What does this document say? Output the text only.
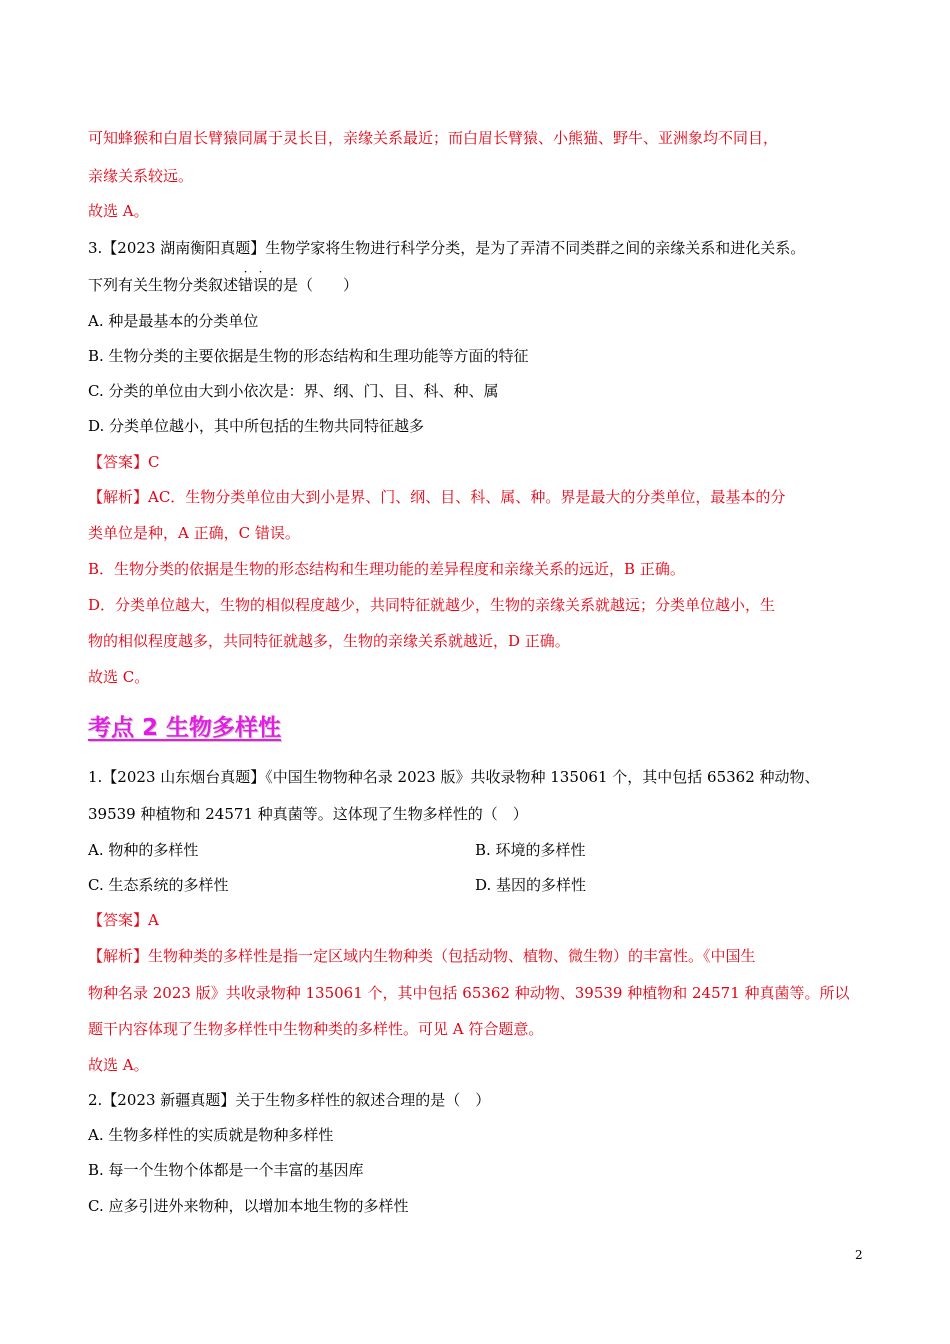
可知蜂猴和白眉长臂猿同属于灵长目，亲缘关系最近；而白眉长臂猿、小熊猫、野牛、亚洲象均不同目，
亲缘关系较远。
故选 A。
3.【2023 湖南衡阳真题】生物学家将生物进行科学分类，是为了弄清不同类群之间的亲缘关系和进化关系。
下列有关生物分类叙述
·
错
·
误的是（　　）
A. 种是最基本的分类单位
B. 生物分类的主要依据是生物的形态结构和生理功能等方面的特征
C. 分类的单位由大到小依次是：界、纲、门、目、科、种、属
D. 分类单位越小，其中所包括的生物共同特征越多
【答案】C
【解析】AC．生物分类单位由大到小是界、门、纲、目、科、属、种。界是最大的分类单位，最基本的分
类单位是种，A 正确，C 错误。
B．生物分类的依据是生物的形态结构和生理功能的差异程度和亲缘关系的远近，B 正确。
D．分类单位越大，生物的相似程度越少，共同特征就越少，生物的亲缘关系就越远；分类单位越小，生
物的相似程度越多，共同特征就越多，生物的亲缘关系就越近，D 正确。
故选 C。
考点 2 生物多样性
1.【2023 山东烟台真题】《中国生物物种名录 2023 版》共收录物种 135061 个，其中包括 65362 种动物、
39539 种植物和 24571 种真菌等。这体现了生物多样性的（　）
A. 物种的多样性	B. 环境的多样性
C. 生态系统的多样性	D. 基因的多样性
【答案】A
【解析】生物种类的多样性是指一定区域内生物种类（包括动物、植物、微生物）的丰富性。《中国生
物种名录 2023 版》共收录物种 135061 个，其中包括 65362 种动物、39539 种植物和 24571 种真菌等。所以
题干内容体现了生物多样性中生物种类的多样性。可见 A 符合题意。
故选 A。
2.【2023 新疆真题】关于生物多样性的叙述合理的是（　）
A. 生物多样性的实质就是物种多样性
B. 每一个生物个体都是一个丰富的基因库
C. 应多引进外来物种，以增加本地生物的多样性
2
